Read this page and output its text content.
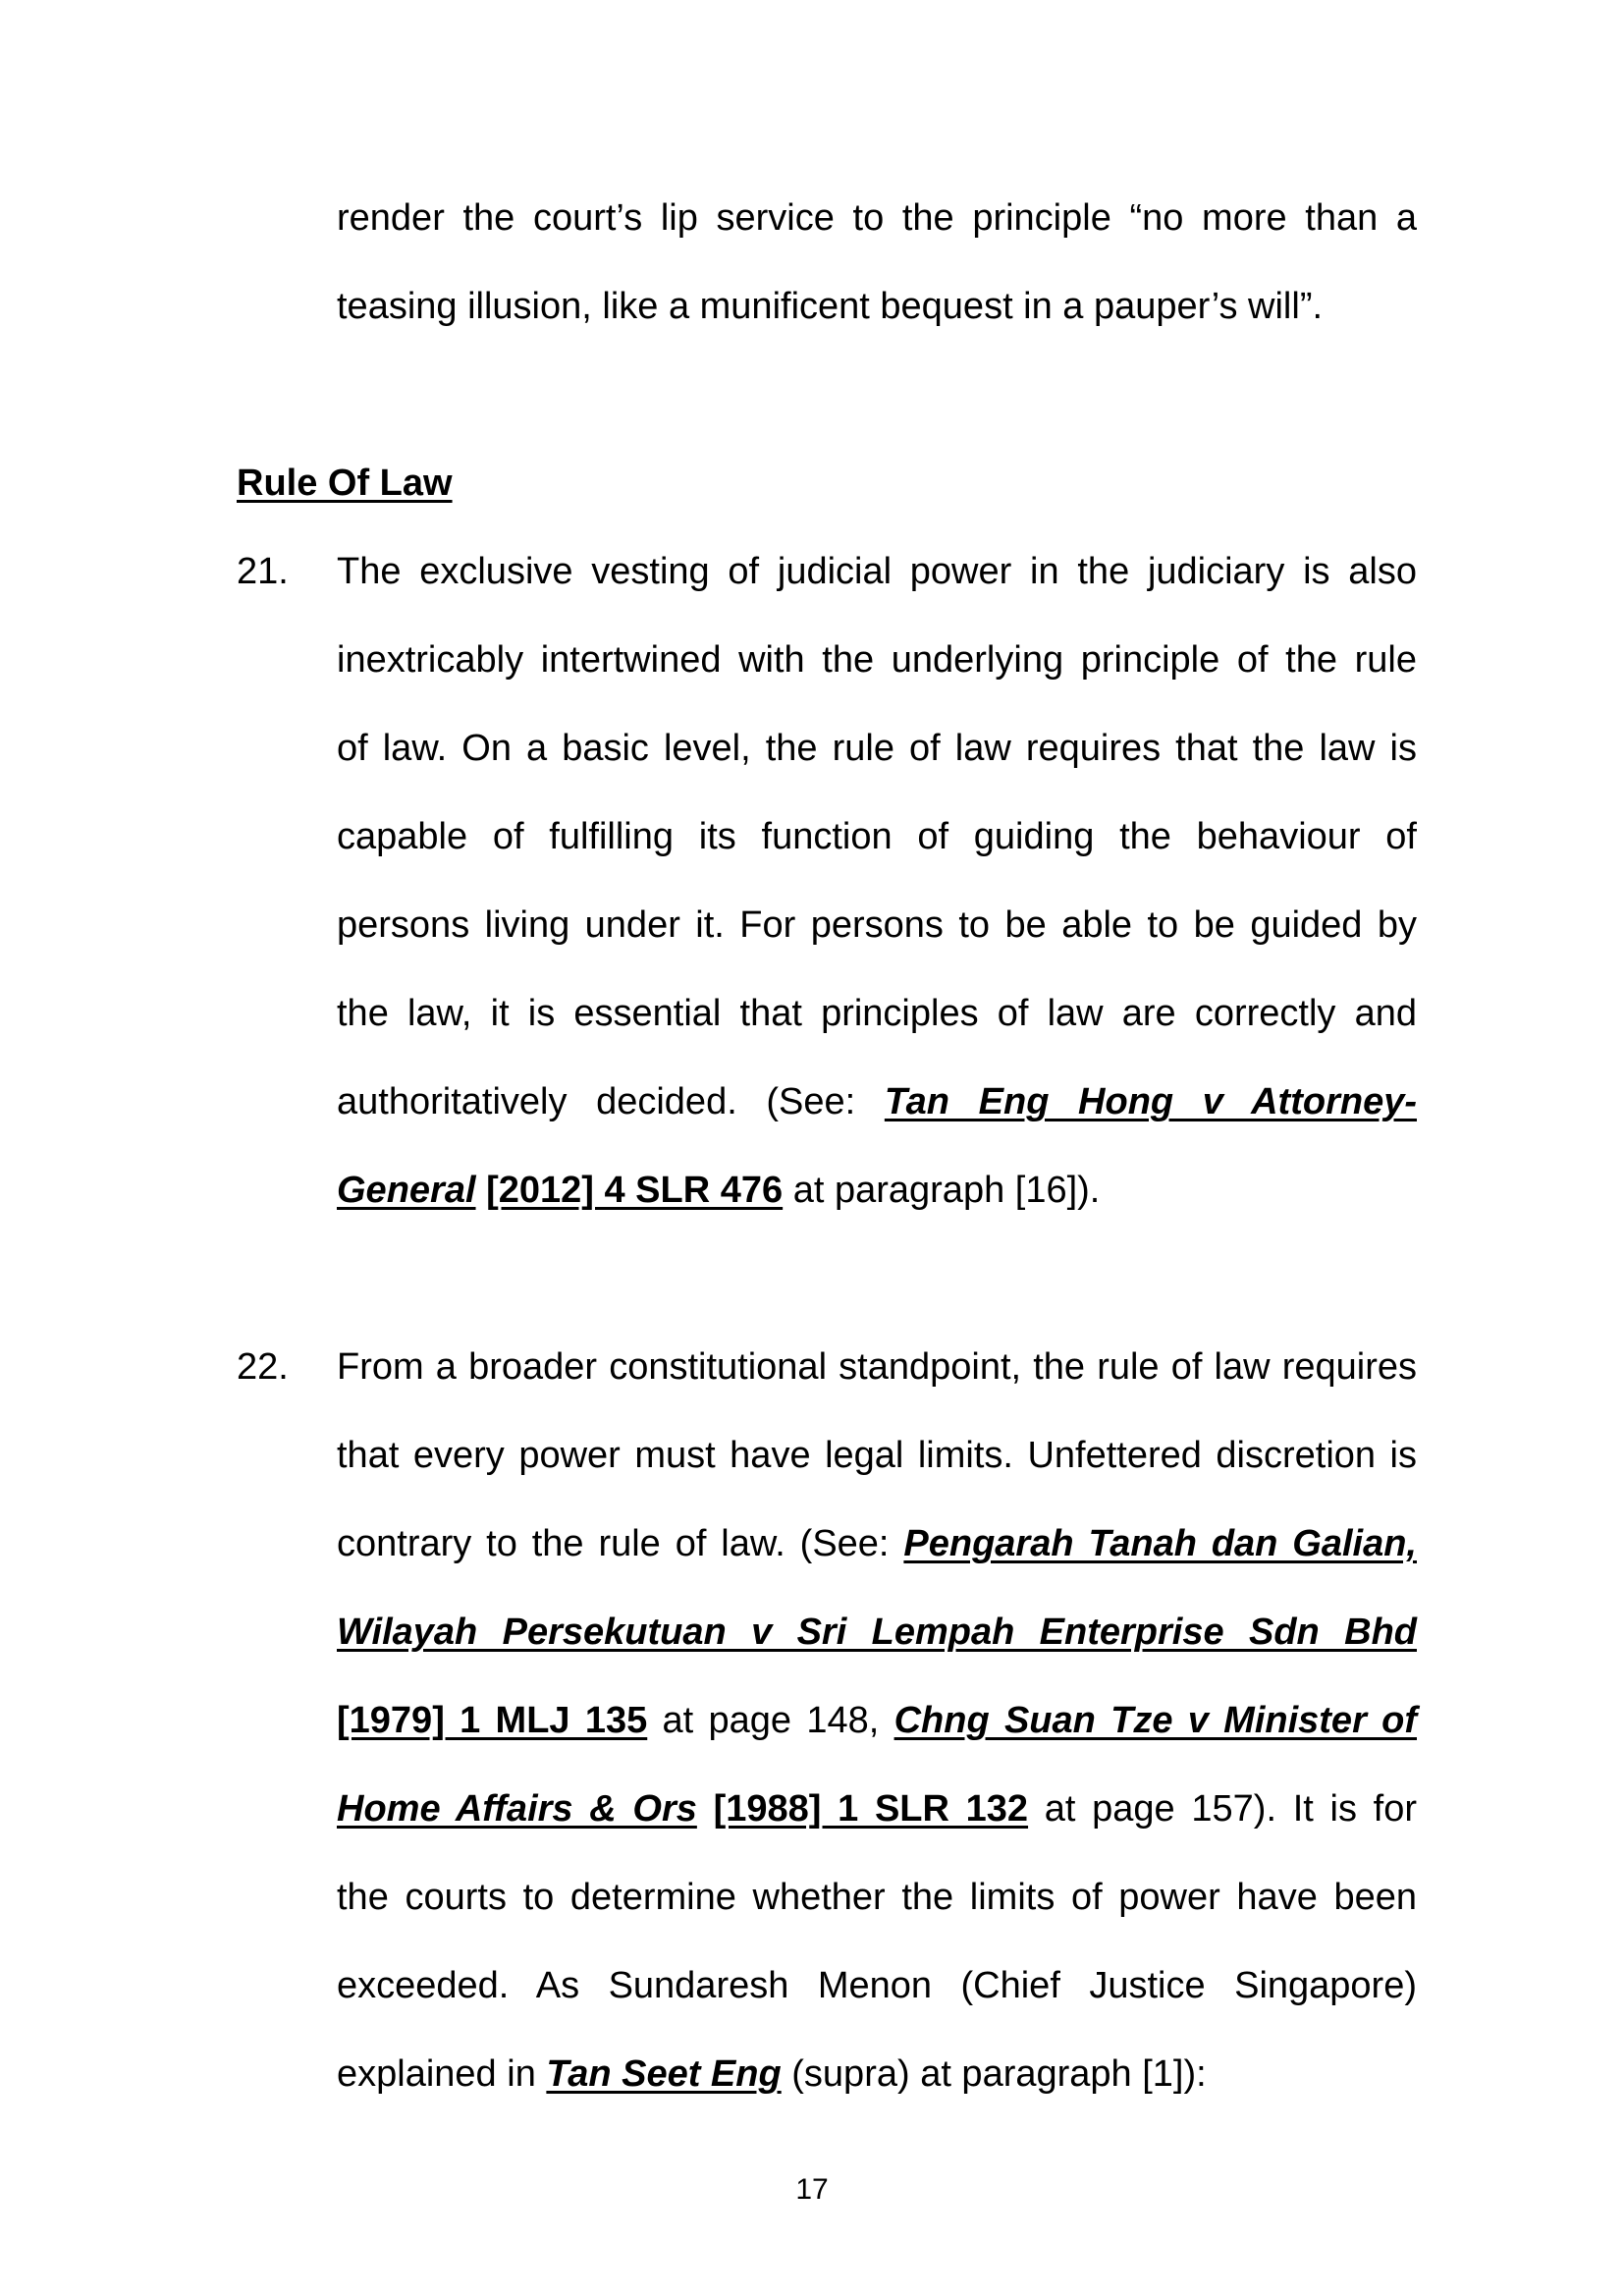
render the court’s lip service to the principle “no more than a
teasing illusion, like a munificent bequest in a pauper’s will”.
Rule Of Law
21. The exclusive vesting of judicial power in the judiciary is also
inextricably intertwined with the underlying principle of the rule
of law. On a basic level, the rule of law requires that the law is
capable of fulfilling its function of guiding the behaviour of
persons living under it. For persons to be able to be guided by
the law, it is essential that principles of law are correctly and
authoritatively decided. (See: Tan Eng Hong v Attorney-
General [2012] 4 SLR 476 at paragraph [16]).
22. From a broader constitutional standpoint, the rule of law requires
that every power must have legal limits. Unfettered discretion is
contrary to the rule of law. (See: Pengarah Tanah dan Galian,
Wilayah Persekutuan v Sri Lempah Enterprise Sdn Bhd
[1979] 1 MLJ 135 at page 148, Chng Suan Tze v Minister of
Home Affairs & Ors [1988] 1 SLR 132 at page 157). It is for
the courts to determine whether the limits of power have been
exceeded. As Sundaresh Menon (Chief Justice Singapore)
explained in Tan Seet Eng (supra) at paragraph [1]):
17
